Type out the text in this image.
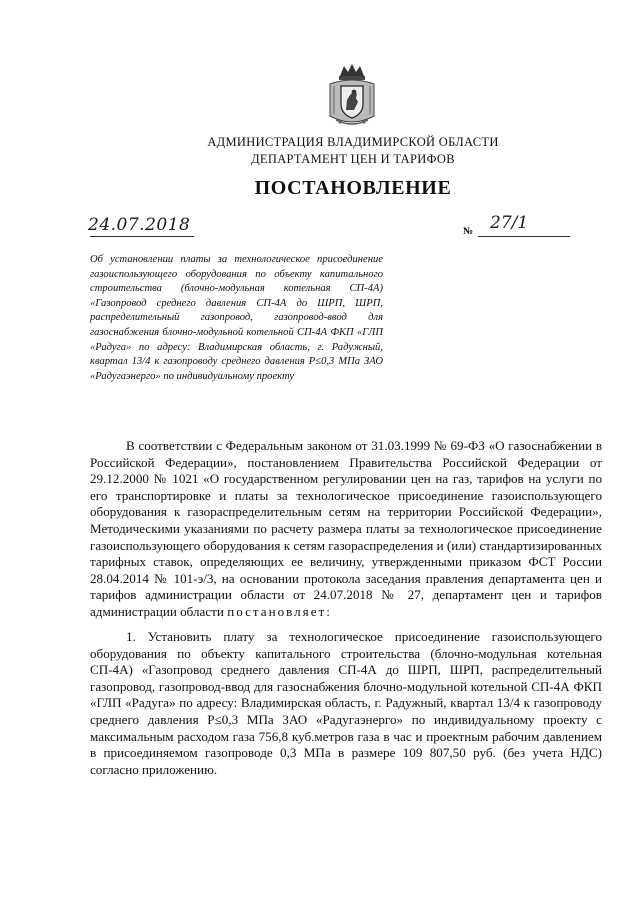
АДМИНИСТРАЦИЯ ВЛАДИМИРСКОЙ ОБЛАСТИ
ДЕПАРТАМЕНТ ЦЕН И ТАРИФОВ
ПОСТАНОВЛЕНИЕ
24.07.2018	№ 27/1
Об установлении платы за технологическое присоединение газоиспользующего оборудования по объекту капитального строительства (блочно-модульная котельная СП-4А) «Газопровод среднего давления СП-4А до ШРП, ШРП, распределительный газопровод, газопровод-ввод для газоснабжения блочно-модульной котельной СП-4А ФКП «ГЛП «Радуга» по адресу: Владимирская область, г. Радужный, квартал 13/4 к газопроводу среднего давления P≤0,3 МПа ЗАО «Радугаэнерго» по индивидуальному проекту

В соответствии с Федеральным законом от 31.03.1999 № 69-ФЗ «О газоснабжении в Российской Федерации», постановлением Правительства Российской Федерации от 29.12.2000 № 1021 «О государственном регулировании цен на газ, тарифов на услуги по его транспортировке и платы за технологическое присоединение газоиспользующего оборудования к газораспределительным сетям на территории Российской Федерации», Методическими указаниями по расчету размера платы за технологическое присоединение газоиспользующего оборудования к сетям газораспределения и (или) стандартизированных тарифных ставок, определяющих ее величину, утвержденными приказом ФСТ России 28.04.2014 № 101-э/3, на основании протокола заседания правления департамента цен и тарифов администрации области от 24.07.2018 № 27, департамент цен и тарифов администрации области постановляет:

1. Установить плату за технологическое присоединение газоиспользующего оборудования по объекту капитального строительства (блочно-модульная котельная СП-4А) «Газопровод среднего давления СП-4А до ШРП, ШРП, распределительный газопровод, газопровод-ввод для газоснабжения блочно-модульной котельной СП-4А ФКП «ГЛП «Радуга» по адресу: Владимирская область, г. Радужный, квартал 13/4 к газопроводу среднего давления P≤0,3 МПа ЗАО «Радугаэнерго» по индивидуальному проекту с максимальным расходом газа 756,8 куб.метров газа в час и проектным рабочим давлением в присоединяемом газопроводе 0,3 МПа в размере 109 807,50 руб. (без учета НДС) согласно приложению.
